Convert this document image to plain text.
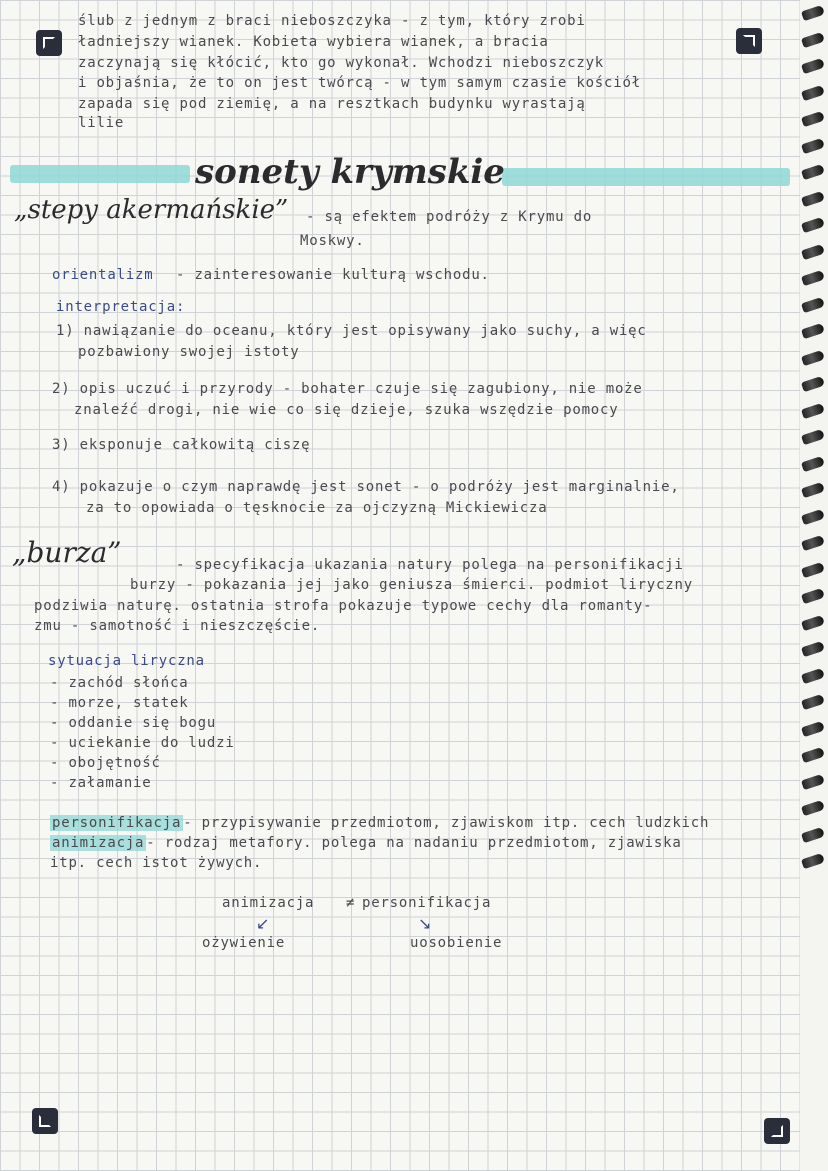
ślub z jednym z braci nieboszczyka - z tym, który zrobi
ładniejszy wianek. Kobieta wybiera wianek, a bracia
zaczynają się kłócić, kto go wykonał. Wchodzi nieboszczyk
i objaśnia, że to on jest twórcą - w tym samym czasie kościół
zapada się pod ziemię, a na resztkach budynku wyrastają
lilie
sonety krymskie
„stepy akermańskie” - są efektem podróży z Krymu do
Moskwy.
orientalizm - zainteresowanie kulturą wschodu.
interpretacja:
1) nawiązanie do oceanu, który jest opisywany jako suchy, a więc
pozbawiony swojej istoty
2) opis uczuć i przyrody - bohater czuje się zagubiony, nie może
znaleźć drogi, nie wie co się dzieje, szuka wszędzie pomocy
3) eksponuje całkowitą ciszę
4) pokazuje o czym naprawdę jest sonet - o podróży jest marginalnie,
za to opowiada o tęsknocie za ojczyzną Mickiewicza
„burza”	- specyfikacja ukazania natury polega na personifikacji
burzy - pokazania jej jako geniusza śmierci. podmiot liryczny
podziwia naturę. ostatnia strofa pokazuje typowe cechy dla romanty-
zmu - samotność i nieszczęście.
sytuacja liryczna
- zachód słońca
- morze, statek
- oddanie się bogu
- uciekanie do ludzi
- obojętność
- załamanie
personifikacja - przypisywanie przedmiotom, zjawiskom itp. cech ludzkich
animizacja - rodzaj metafory. polega na nadaniu przedmiotom, zjawiska
itp. cech istot żywych.
animizacja ≠ personifikacja
↙	↘
ożywienie	uosobienie
